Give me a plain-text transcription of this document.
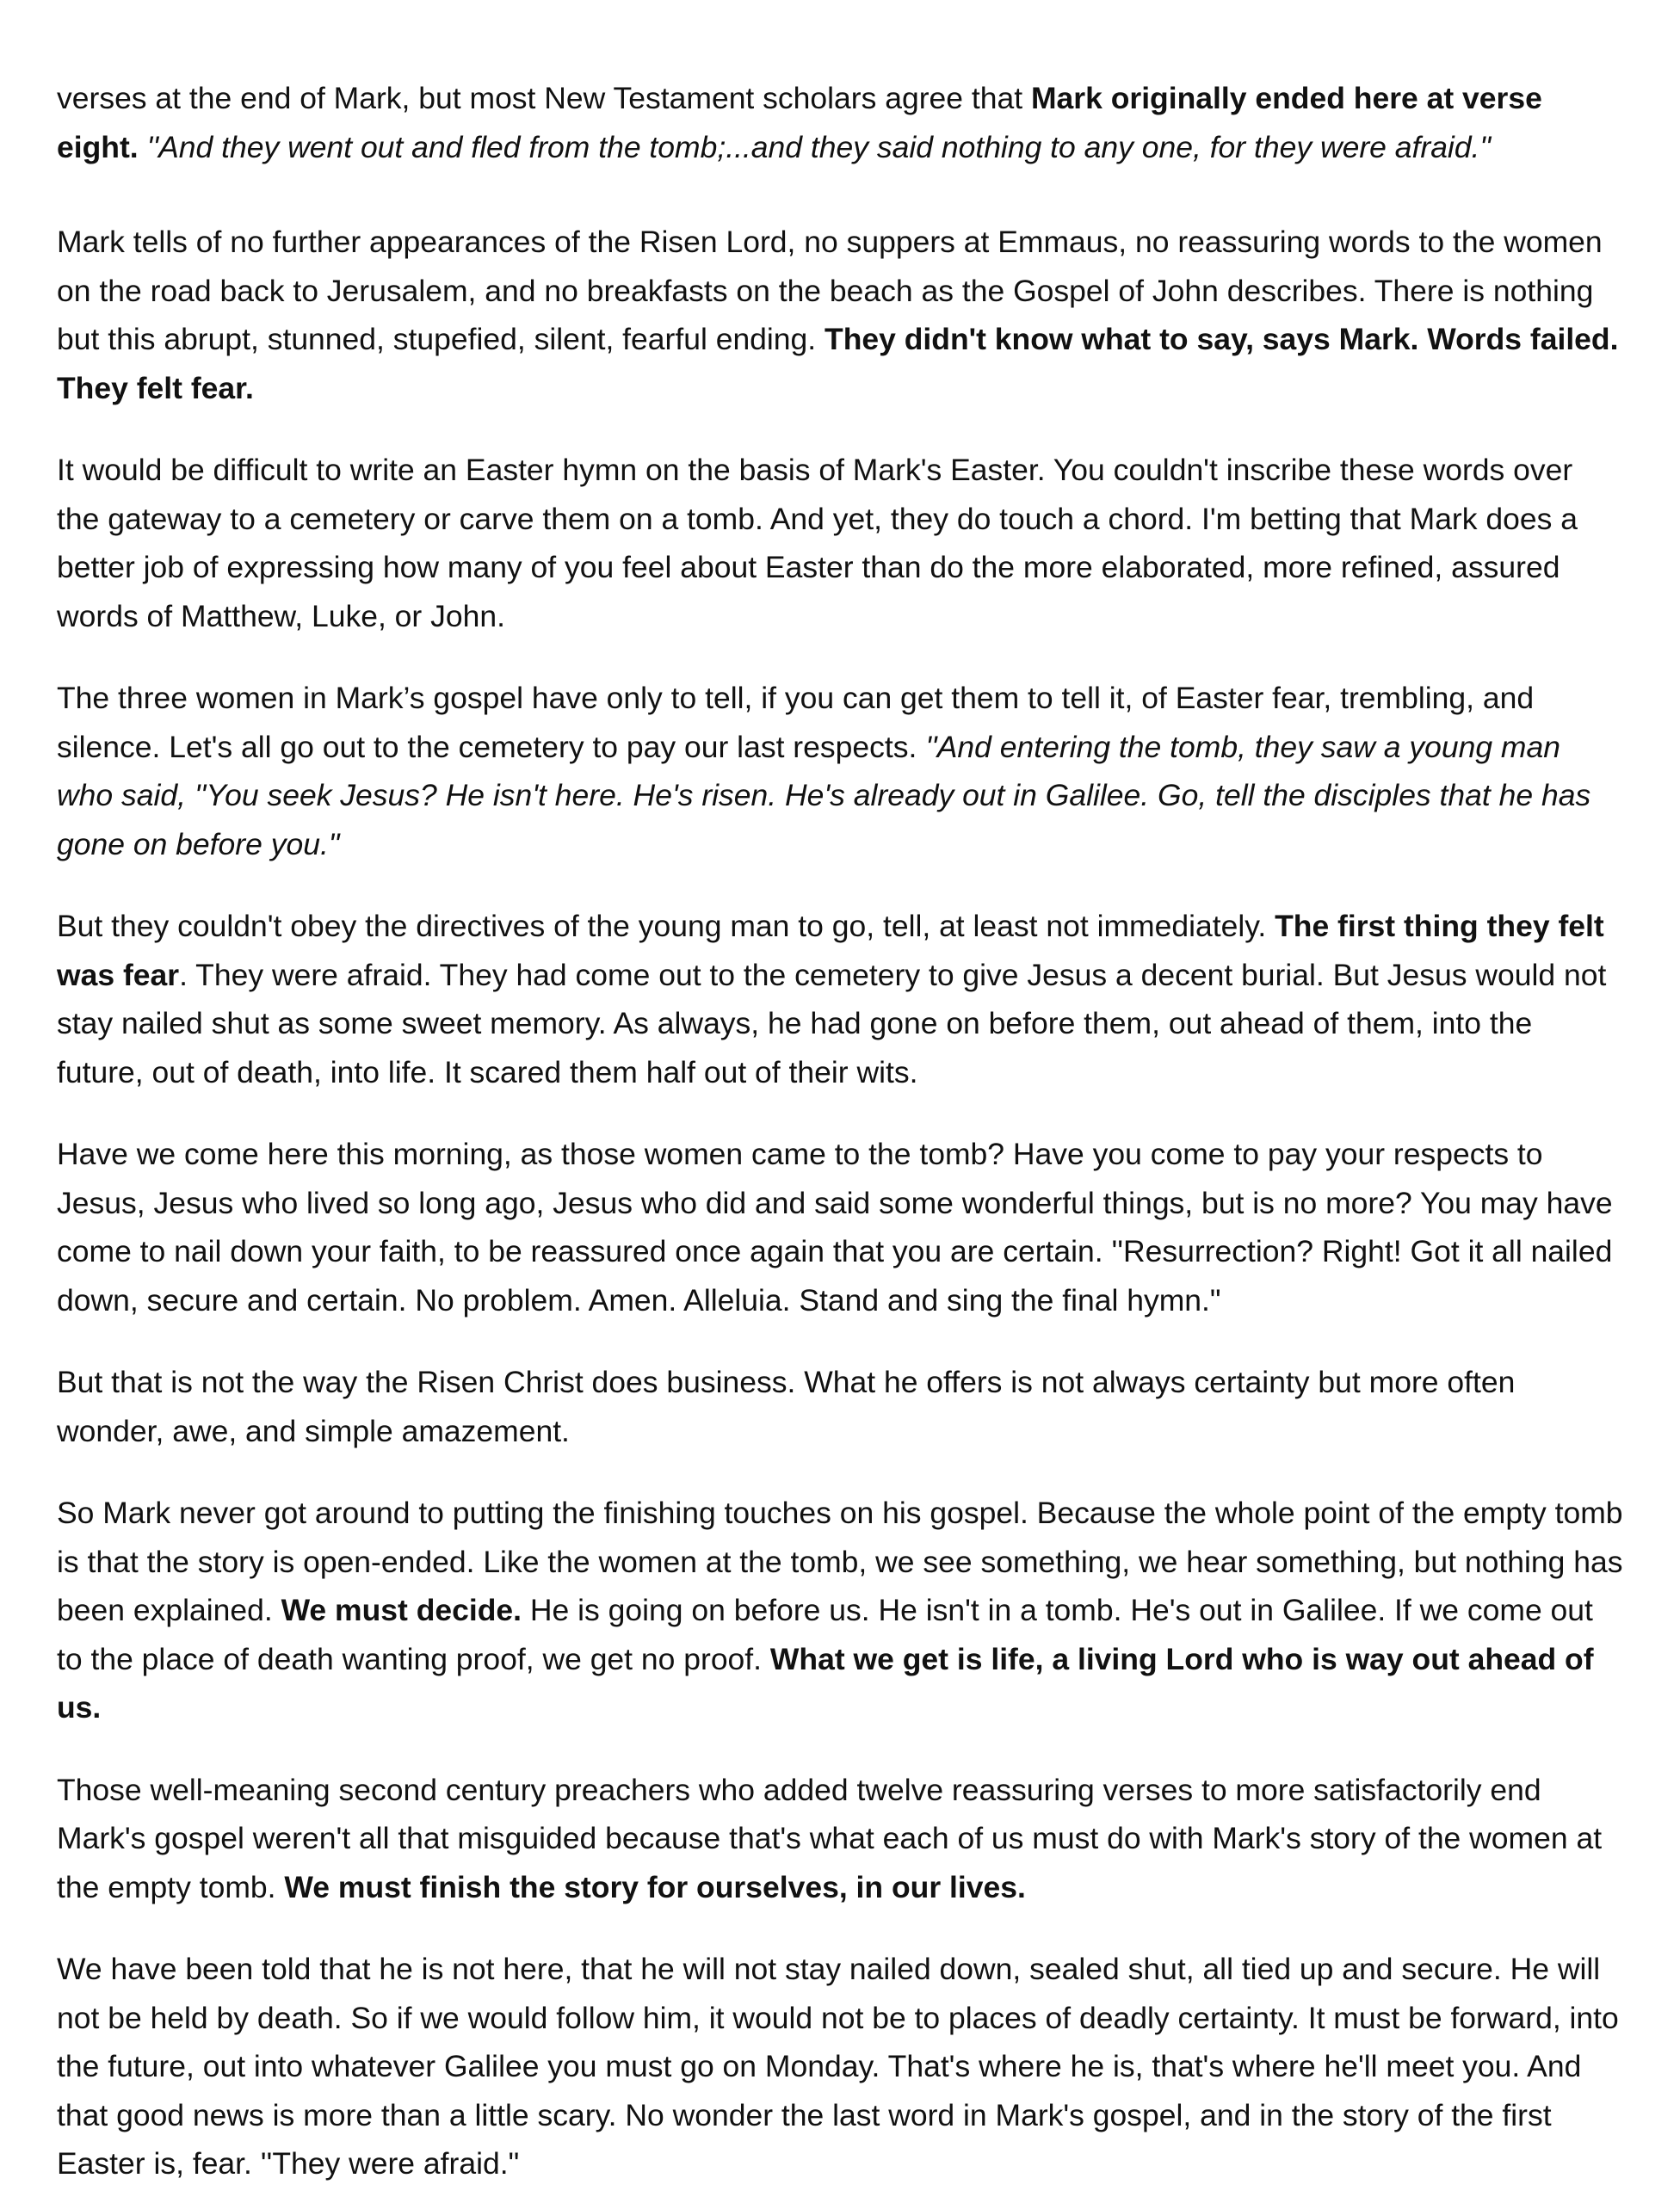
verses at the end of Mark, but most New Testament scholars agree that Mark originally ended here at verse eight. ''And they went out and fled from the tomb;...and they said nothing to any one, for they were afraid."

Mark tells of no further appearances of the Risen Lord, no suppers at Emmaus, no reassuring words to the women on the road back to Jerusalem, and no breakfasts on the beach as the Gospel of John describes. There is nothing but this abrupt, stunned, stupefied, silent, fearful ending. They didn't know what to say, says Mark. Words failed. They felt fear.

It would be difficult to write an Easter hymn on the basis of Mark's Easter. You couldn't inscribe these words over the gateway to a cemetery or carve them on a tomb. And yet, they do touch a chord. I'm betting that Mark does a better job of expressing how many of you feel about Easter than do the more elaborated, more refined, assured words of Matthew, Luke, or John.

The three women in Mark’s gospel have only to tell, if you can get them to tell it, of Easter fear, trembling, and silence. Let's all go out to the cemetery to pay our last respects. ''And entering the tomb, they saw a young man who said, ''You seek Jesus? He isn't here. He's risen. He's already out in Galilee. Go, tell the disciples that he has gone on before you."

But they couldn't obey the directives of the young man to go, tell, at least not immediately. The first thing they felt was fear. They were afraid. They had come out to the cemetery to give Jesus a decent burial. But Jesus would not stay nailed shut as some sweet memory. As always, he had gone on before them, out ahead of them, into the future, out of death, into life. It scared them half out of their wits.

Have we come here this morning, as those women came to the tomb? Have you come to pay your respects to Jesus, Jesus who lived so long ago, Jesus who did and said some wonderful things, but is no more? You may have come to nail down your faith, to be reassured once again that you are certain. ''Resurrection? Right! Got it all nailed down, secure and certain. No problem. Amen. Alleluia. Stand and sing the final hymn."

But that is not the way the Risen Christ does business. What he offers is not always certainty but more often wonder, awe, and simple amazement.

So Mark never got around to putting the finishing touches on his gospel. Because the whole point of the empty tomb is that the story is open-ended. Like the women at the tomb, we see something, we hear something, but nothing has been explained. We must decide. He is going on before us. He isn't in a tomb. He's out in Galilee. If we come out to the place of death wanting proof, we get no proof. What we get is life, a living Lord who is way out ahead of us.

Those well-meaning second century preachers who added twelve reassuring verses to more satisfactorily end Mark's gospel weren't all that misguided because that's what each of us must do with Mark's story of the women at the empty tomb. We must finish the story for ourselves, in our lives.

We have been told that he is not here, that he will not stay nailed down, sealed shut, all tied up and secure. He will not be held by death. So if we would follow him, it would not be to places of deadly certainty. It must be forward, into the future, out into whatever Galilee you must go on Monday. That's where he is, that's where he'll meet you. And that good news is more than a little scary. No wonder the last word in Mark's gospel, and in the story of the first Easter is, fear. ''They were afraid."
